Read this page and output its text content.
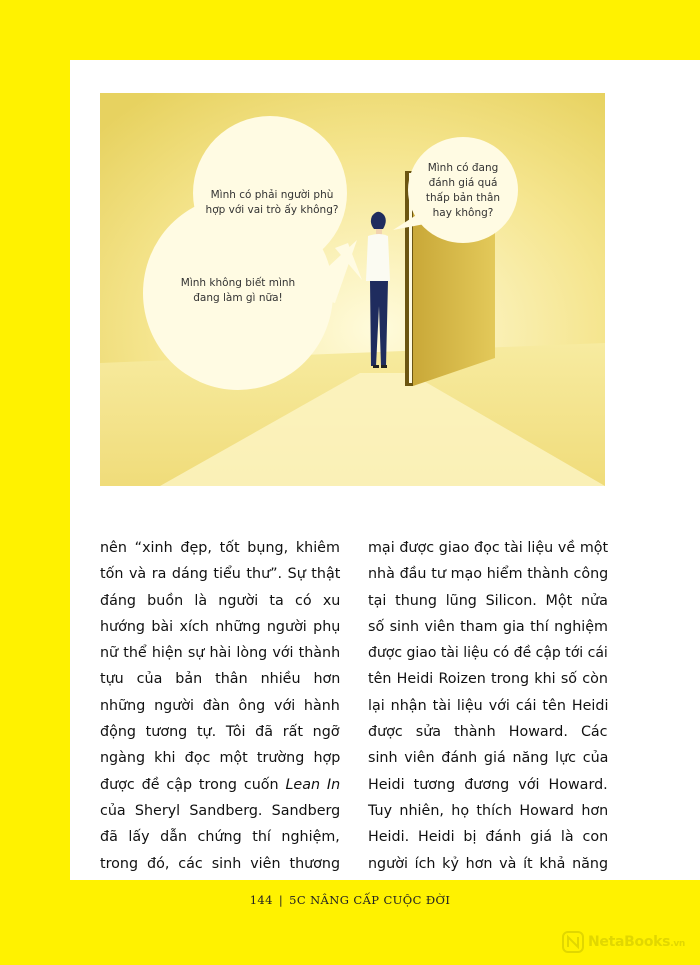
Mình có phải người phù hợp với vai trò ấy không?
Mình có đang đánh giá quá thấp bản thân hay không?
Mình không biết mình đang làm gì nữa!
nên “xinh đẹp, tốt bụng, khiêm
tốn và ra dáng tiểu thư”. Sự thật
đáng buồn là người ta có xu
hướng bài xích những người phụ
nữ thể hiện sự hài lòng với thành
tựu của bản thân nhiều hơn
những người đàn ông với hành
động tương tự. Tôi đã rất ngỡ
ngàng khi đọc một trường hợp
được đề cập trong cuốn Lean In
của Sheryl Sandberg. Sandberg
đã lấy dẫn chứng thí nghiệm,
trong đó, các sinh viên thương
mại được giao đọc tài liệu về một
nhà đầu tư mạo hiểm thành công
tại thung lũng Silicon. Một nửa
số sinh viên tham gia thí nghiệm
được giao tài liệu có đề cập tới cái
tên Heidi Roizen trong khi số còn
lại nhận tài liệu với cái tên Heidi
được sửa thành Howard. Các
sinh viên đánh giá năng lực của
Heidi tương đương với Howard.
Tuy nhiên, họ thích Howard hơn
Heidi. Heidi bị đánh giá là con
người ích kỷ hơn và ít khả năng
144 | 5C NÂNG CẤP CUỘC ĐỜI
NetaBooks.vn
